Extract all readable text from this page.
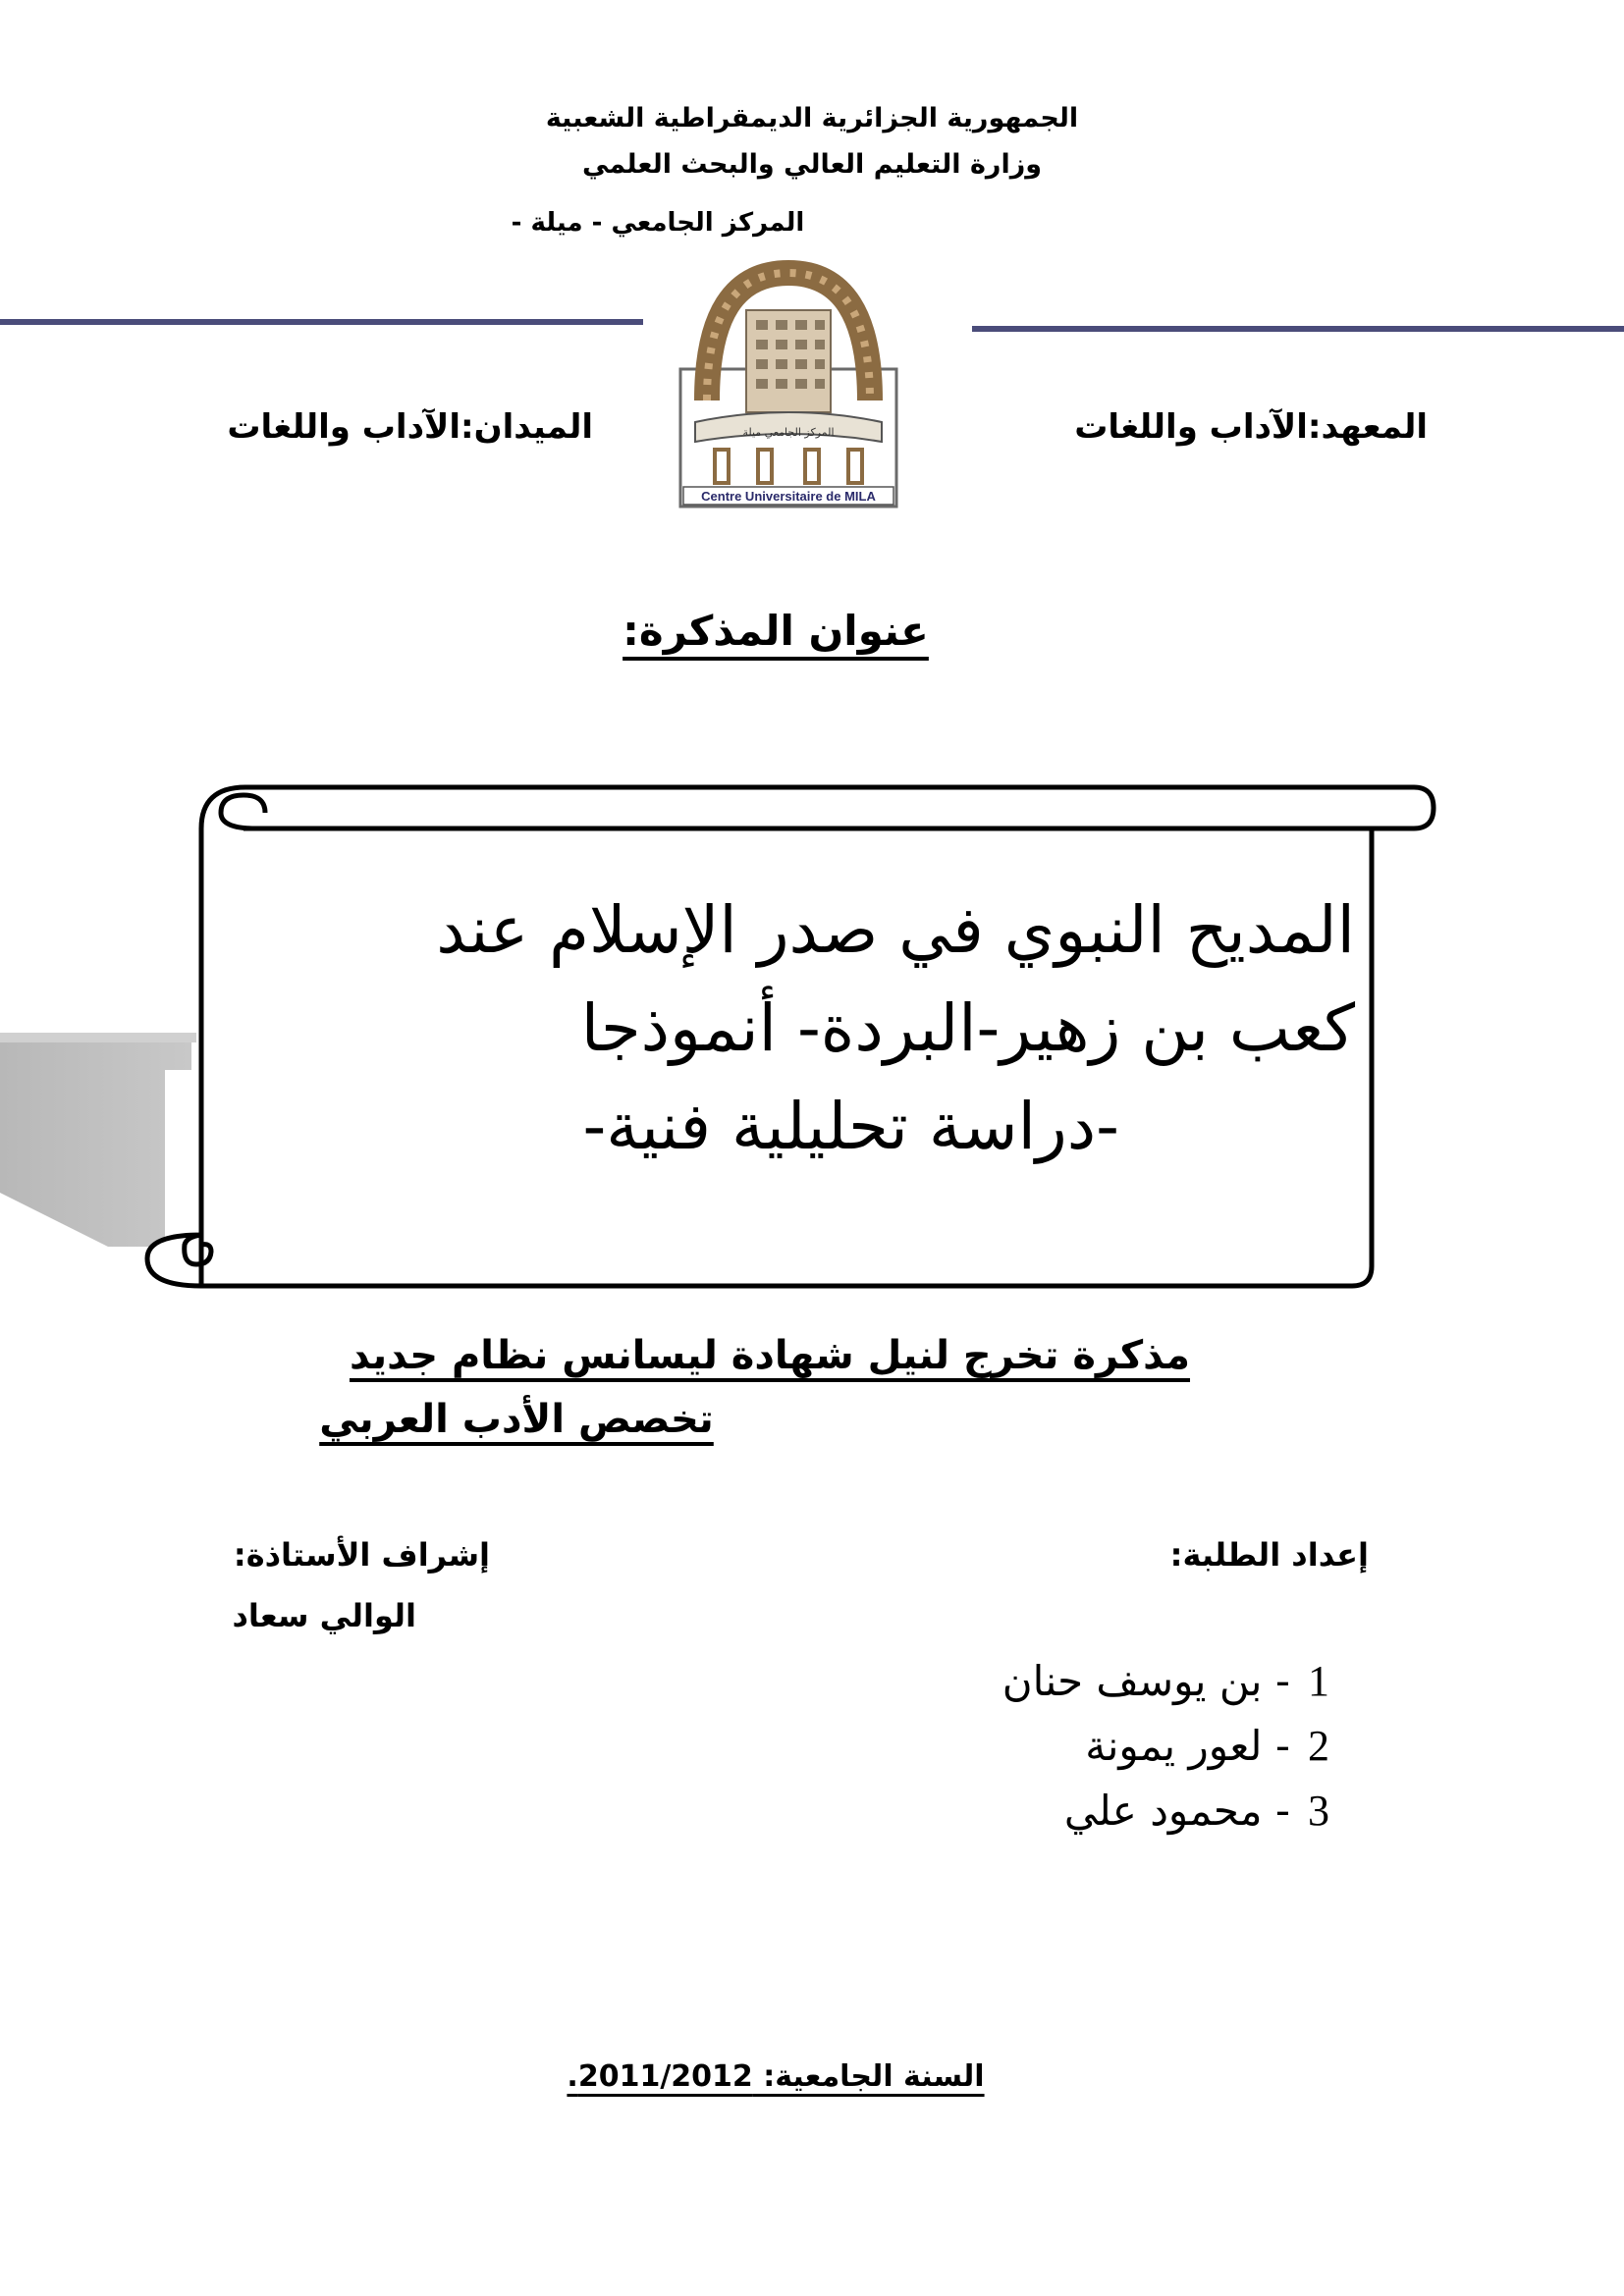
الجمهورية الجزائرية الديمقراطية الشعبية
وزارة التعليم العالي والبحث العلمي
المركز الجامعي - ميلة -
المركز الجامعي ميلة
Centre Universitaire de MILA
المعهد:الآداب واللغات
الميدان:الآداب واللغات
عنوان المذكرة:
المديح النبوي في صدر الإسلام عند
كعب بن زهير-البردة- أنموذجا
-دراسة تحليلية فنية-
مذكرة تخرج لنيل شهادة ليسانس نظام جديد
تخصص الأدب العربي
إعداد الطلبة:
إشراف الأستاذة:
الوالي سعاد
1
- بن يوسف حنان
2
- لعور يمونة
3
- محمود علي
السنة الجامعية: 2011/2012.
